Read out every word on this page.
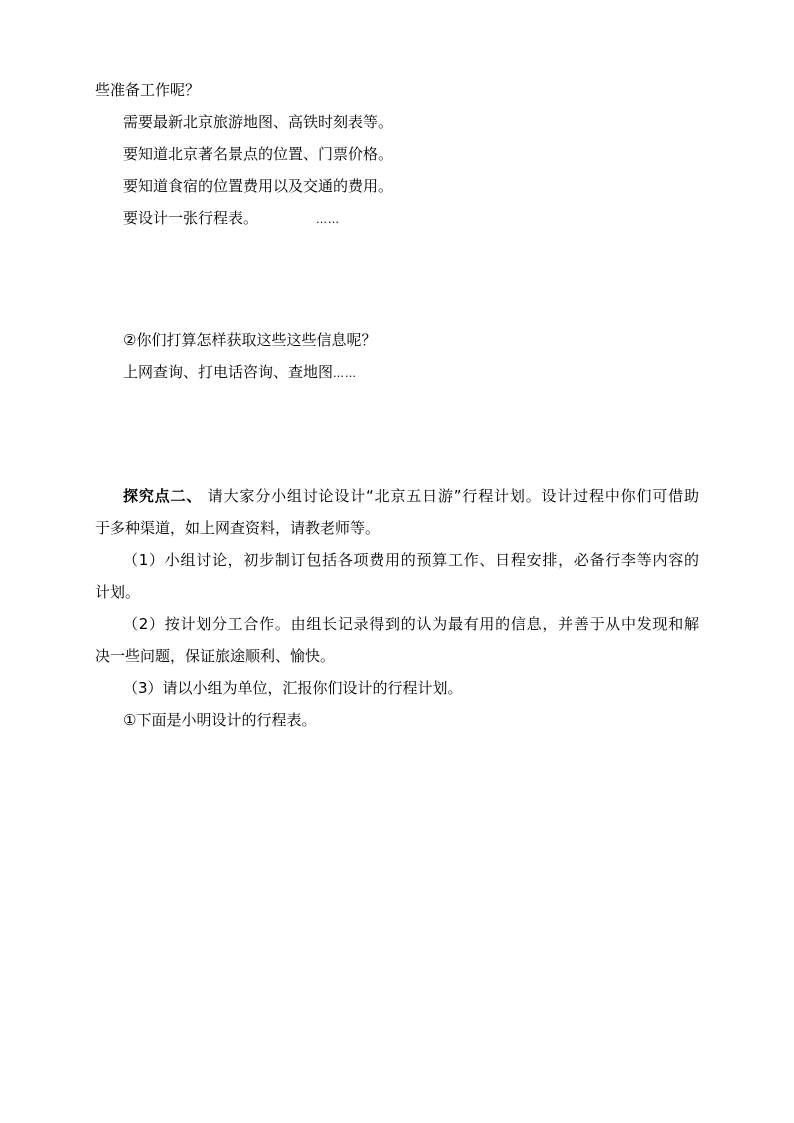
些准备工作呢？
需要最新北京旅游地图、高铁时刻表等。
要知道北京著名景点的位置、门票价格。
要知道食宿的位置费用以及交通的费用。
要设计一张行程表。	……
②你们打算怎样获取这些这些信息呢？
上网查询、打电话咨询、查地图……
探究点二、 请大家分小组讨论设计“北京五日游”行程计划。设计过程中你们可借助
于多种渠道，如上网查资料，请教老师等。
（1）小组讨论，初步制订包括各项费用的预算工作、日程安排，必备行李等内容的
计划。
（2）按计划分工合作。由组长记录得到的认为最有用的信息，并善于从中发现和解
决一些问题，保证旅途顺利、愉快。
（3）请以小组为单位，汇报你们设计的行程计划。
①下面是小明设计的行程表。
